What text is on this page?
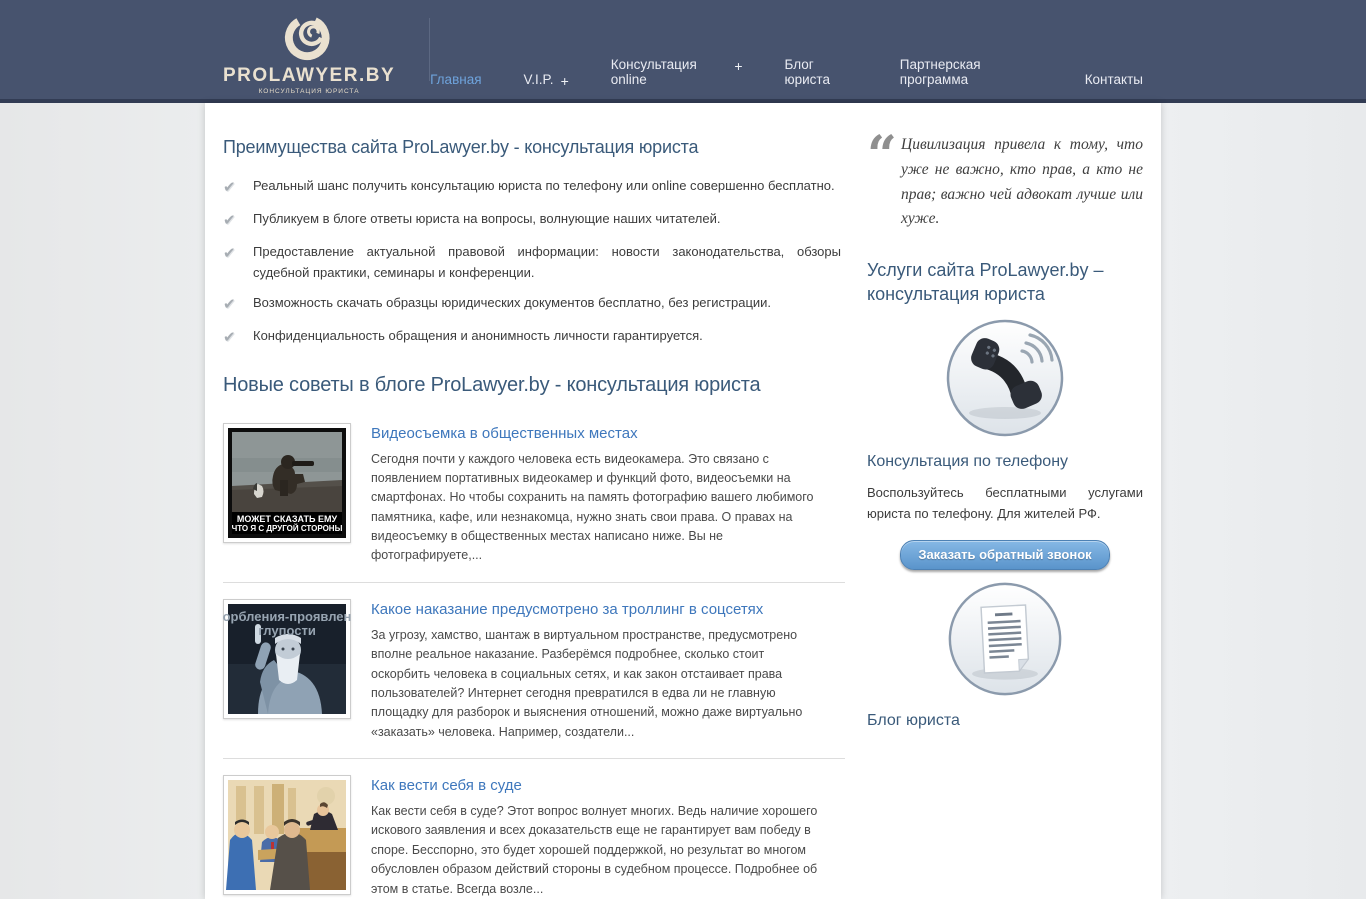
PROLAWYER.BY
КОНСУЛЬТАЦИЯ ЮРИСТА
Главная	V.I.P. +
Консультация online
+	Блог юриста
Партнерская программа	Контакты
Преимущества сайта ProLawyer.by - консультация юриста
✔	Реальный шанс получить консультацию юриста по телефону или online совершенно бесплатно.
✔	Публикуем в блоге ответы юриста на вопросы, волнующие наших читателей.
✔	Предоставление актуальной правовой информации: новости законодательства, обзоры судебной практики, семинары и конференции.
✔	Возможность скачать образцы юридических документов бесплатно, без регистрации.
✔	Конфиденциальность обращения и анонимность личности гарантируется.
Новые советы в блоге ProLawyer.by - консультация юриста
МОЖЕТ СКАЗАТЬ ЕМУ
ЧТО Я С ДРУГОЙ СТОРОНЫ
Видеосъемка в общественных местах

Сегодня почти у каждого человека есть видеокамера. Это связано с появлением портативных видеокамер и функций фото, видеосъемки на смартфонах. Но чтобы сохранить на память фотографию вашего любимого памятника, кафе, или незнакомца, нужно знать свои права. О правах на видеосъемку в общественных местах написано ниже. Вы не фотографируете,...

орбления-проявлен
глупости
Какое наказание предусмотрено за троллинг в соцсетях

За угрозу, хамство, шантаж в виртуальном пространстве, предусмотрено вполне реальное наказание. Разберёмся подробнее, сколько стоит оскорбить человека в социальных сетях, и как закон отстаивает права пользователей? Интернет сегодня превратился в едва ли не главную площадку для разборок и выяснения отношений, можно даже виртуально «заказать» человека. Например, создатели...

Как вести себя в суде

Как вести себя в суде? Этот вопрос волнует многих. Ведь наличие хорошего искового заявления и всех доказательств еще не гарантирует вам победу в споре. Бесспорно, это будет хорошей поддержкой, но результат во многом обусловлен образом действий стороны в судебном процессе. Подробнее об этом в статье. Всегда возле...

“ Цивилизация привела к тому, что уже не важно, кто прав, а кто не прав; важно чей адвокат лучше или хуже.
Услуги сайта ProLawyer.by – консультация юриста
Консультация по телефону

Воспользуйтесь бесплатными услугами юриста по телефону. Для жителей РФ.

Заказать обратный звонок
Блог юриста
